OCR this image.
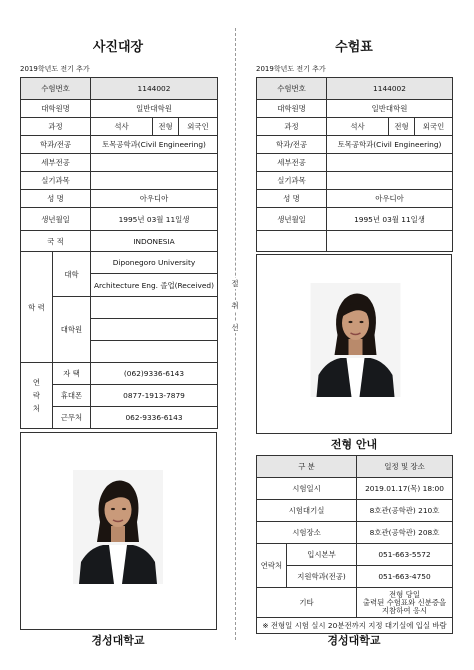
사진대장
2019학년도 전기 추가
수험번호		1144002		
대학원명		일반대학원		
과정		석사	전형	외국인
학과/전공		토목공학과(Civil Engineering)		
세부전공				
실기과목				
성 명		아우디아		
생년월일		1995년 03월 11일생		
국 적		INDONESIA		
학 력	대학	Diponegoro University		
		Architecture Eng. 졸업(Received)		
	대학원			

연 락 처	자 택	(062)9336-6143		
	휴대폰	0877-1913-7879		
	근무처	062-9336-6143		
경성대학교
절
취
선
수험표
2019학년도 전기 추가
수험번호	1144002		
대학원명	일반대학원		
과정	석사	전형	외국인
학과/전공	토목공학과(Civil Engineering)		
세부전공			
실기과목			
성 명	아우디아		
생년월일	1995년 03월 11일생		

전형 안내
구 분		일정 및 장소
시험일시		2019.01.17(목) 18:00
시험대기실		8호관(공학관) 210호
시험장소		8호관(공학관) 208호
연락처	입시본부	051-663-5572
	지원학과(전공)	051-663-4750
기타		전형 당일
출력된 수험표와 신분증을
지참하여 응시

※ 전형일 시험 실시 20분전까지 지정 대기실에 입실 바람		
경성대학교
